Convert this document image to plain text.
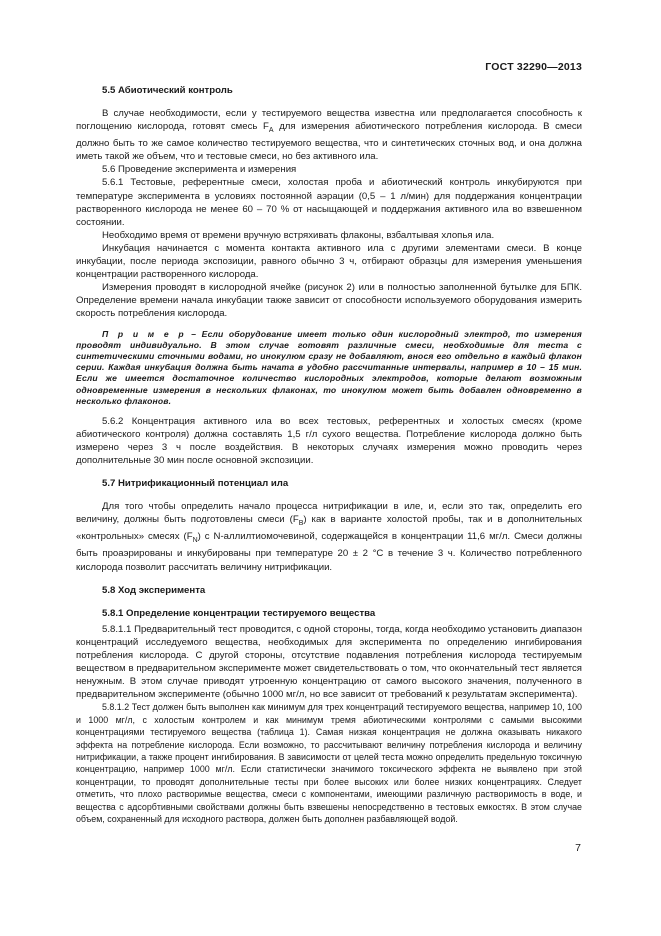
ГОСТ 32290—2013

5.5 Абиотический контроль

В случае необходимости, если у тестируемого вещества известна или предполагается способность к поглощению кислорода, готовят смесь $F_A$ для измерения абиотического потребления кислорода. В смеси должно быть то же самое количество тестируемого вещества, что и синтетических сточных вод, и она должна иметь такой же объем, что и тестовые смеси, но без активного ила.

5.6 Проведение эксперимента и измерения

5.6.1 Тестовые, референтные смеси, холостая проба и абиотический контроль инкубируются при температуре эксперимента в условиях постоянной аэрации (0,5 – 1 л/мин) для поддержания концентрации растворенного кислорода не менее 60 – 70 % от насыщающей и поддержания активного ила во взвешенном состоянии.

Необходимо время от времени вручную встряхивать флаконы, взбалтывая хлопья ила.

Инкубация начинается с момента контакта активного ила с другими элементами смеси. В конце инкубации, после периода экспозиции, равного обычно 3 ч, отбирают образцы для измерения уменьшения концентрации растворенного кислорода.

Измерения проводят в кислородной ячейке (рисунок 2) или в полностью заполненной бутылке для БПК. Определение времени начала инкубации также зависит от способности используемого оборудования измерить скорость потребления кислорода.

П р и м е р – Если оборудование имеет только один кислородный электрод, то измерения проводят индивидуально. В этом случае готовят различные смеси, необходимые для теста с синтетическими сточными водами, но инокулюм сразу не добавляют, внося его отдельно в каждый флакон серии. Каждая инкубация должна быть начата в удобно рассчитанные интервалы, например в 10 – 15 мин. Если же имеется достаточное количество кислородных электродов, которые делают возможным одновременные измерения в нескольких флаконах, то инокулюм может быть добавлен одновременно в несколько флаконов.

5.6.2 Концентрация активного ила во всех тестовых, референтных и холостых смесях (кроме абиотического контроля) должна составлять 1,5 г/л сухого вещества. Потребление кислорода должно быть измерено через 3 ч после воздействия. В некоторых случаях измерения можно проводить через дополнительные 30 мин после основной экспозиции.

5.7 Нитрификационный потенциал ила

Для того чтобы определить начало процесса нитрификации в иле, и, если это так, определить его величину, должны быть подготовлены смеси $(F_B)$ как в варианте холостой пробы, так и в дополнительных «контрольных» смесях $(F_N)$ с N-аллилтиомочевиной, содержащейся в концентрации 11,6 мг/л. Смеси должны быть проаэрированы и инкубированы при температуре 20 ± 2 °C в течение 3 ч. Количество потребленного кислорода позволит рассчитать величину нитрификации.

5.8 Ход эксперимента

5.8.1 Определение концентрации тестируемого вещества

5.8.1.1 Предварительный тест проводится, с одной стороны, тогда, когда необходимо установить диапазон концентраций исследуемого вещества, необходимых для эксперимента по определению ингибирования потребления кислорода. С другой стороны, отсутствие подавления потребления кислорода тестируемым веществом в предварительном эксперименте может свидетельствовать о том, что окончательный тест является ненужным. В этом случае приводят утроенную концентрацию от самого высокого значения, полученного в предварительном эксперименте (обычно 1000 мг/л, но все зависит от требований к результатам эксперимента).

5.8.1.2 Тест должен быть выполнен как минимум для трех концентраций тестируемого вещества, например 10, 100 и 1000 мг/л, с холостым контролем и как минимум тремя абиотическими контролями с самыми высокими концентрациями тестируемого вещества (таблица 1). Самая низкая концентрация не должна оказывать никакого эффекта на потребление кислорода. Если возможно, то рассчитывают величину потребления кислорода и величину нитрификации, а также процент ингибирования. В зависимости от целей теста можно определить предельную токсичную концентрацию, например 1000 мг/л. Если статистически значимого токсического эффекта не выявлено при этой концентрации, то проводят дополнительные тесты при более высоких или более низких концентрациях. Следует отметить, что плохо растворимые вещества, смеси с компонентами, имеющими различную растворимость в воде, и вещества с адсорбтивными свойствами должны быть взвешены непосредственно в тестовых емкостях. В этом случае объем, сохраненный для исходного раствора, должен быть дополнен разбавляющей водой.

7
